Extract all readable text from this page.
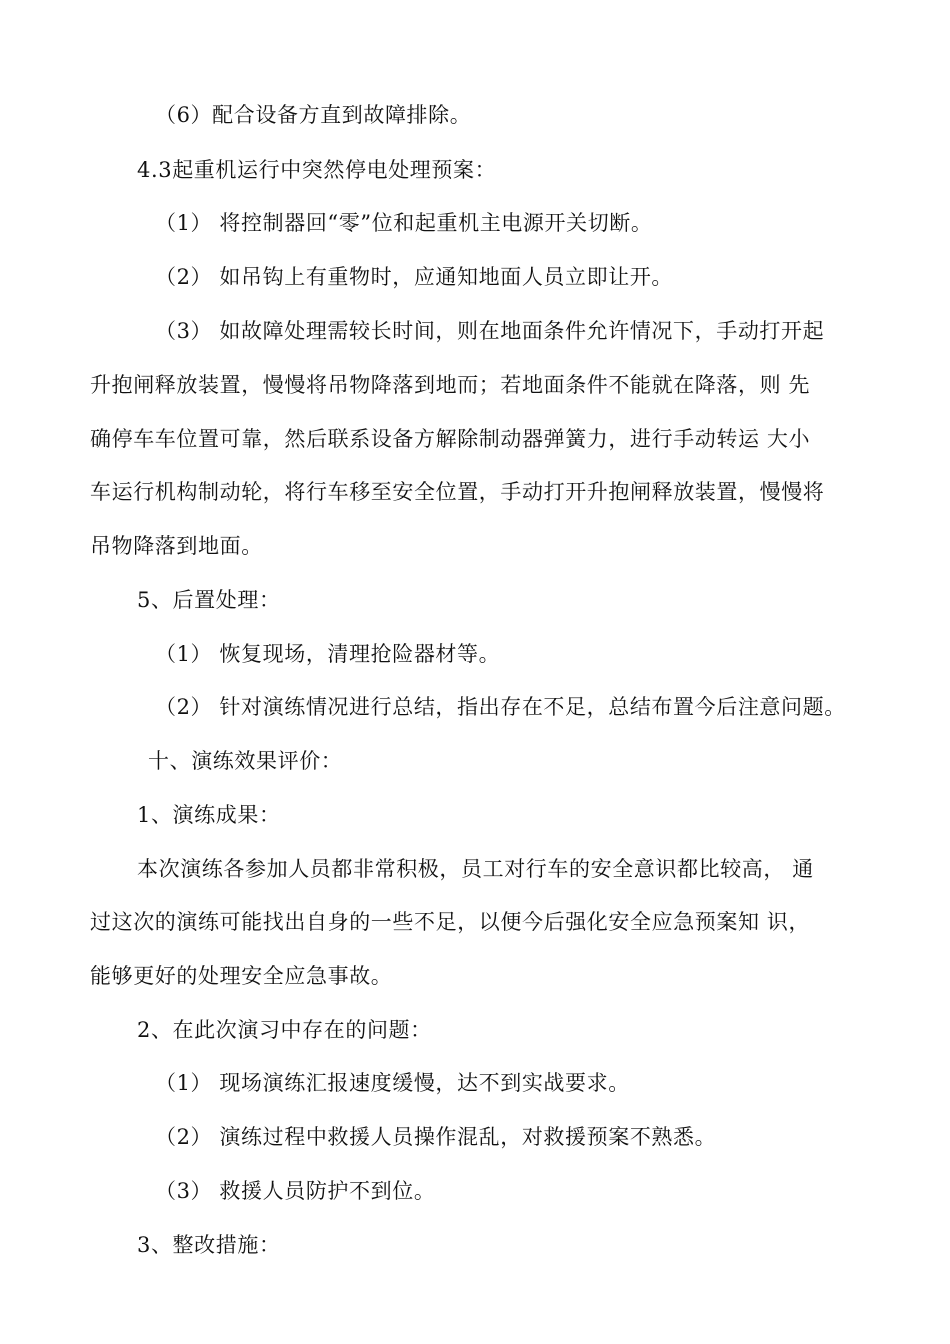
（6）配合设备方直到故障排除。
4.3起重机运行中突然停电处理预案：
（1） 将控制器回“零”位和起重机主电源开关切断。
（2） 如吊钩上有重物时，应通知地面人员立即让开。
（3） 如故障处理需较长时间，则在地面条件允许情况下，手动打开起
升抱闸释放装置，慢慢将吊物降落到地而；若地面条件不能就在降落，则 先
确停车车位置可靠，然后联系设备方解除制动器弹簧力，进行手动转运 大小
车运行机构制动轮，将行车移至安全位置，手动打开升抱闸释放装置，慢慢将
吊物降落到地面。
5、后置处理：
（1） 恢复现场，清理抢险器材等。
（2） 针对演练情况进行总结，指出存在不足，总结布置今后注意问题。
十、演练效果评价：
1、演练成果：
本次演练各参加人员都非常积极，员工对行车的安全意识都比较高， 通
过这次的演练可能找出自身的一些不足，以便今后强化安全应急预案知 识，
能够更好的处理安全应急事故。
2、在此次演习中存在的问题：
（1） 现场演练汇报速度缓慢，达不到实战要求。
（2） 演练过程中救援人员操作混乱，对救援预案不熟悉。
（3） 救援人员防护不到位。
3、整改措施：
